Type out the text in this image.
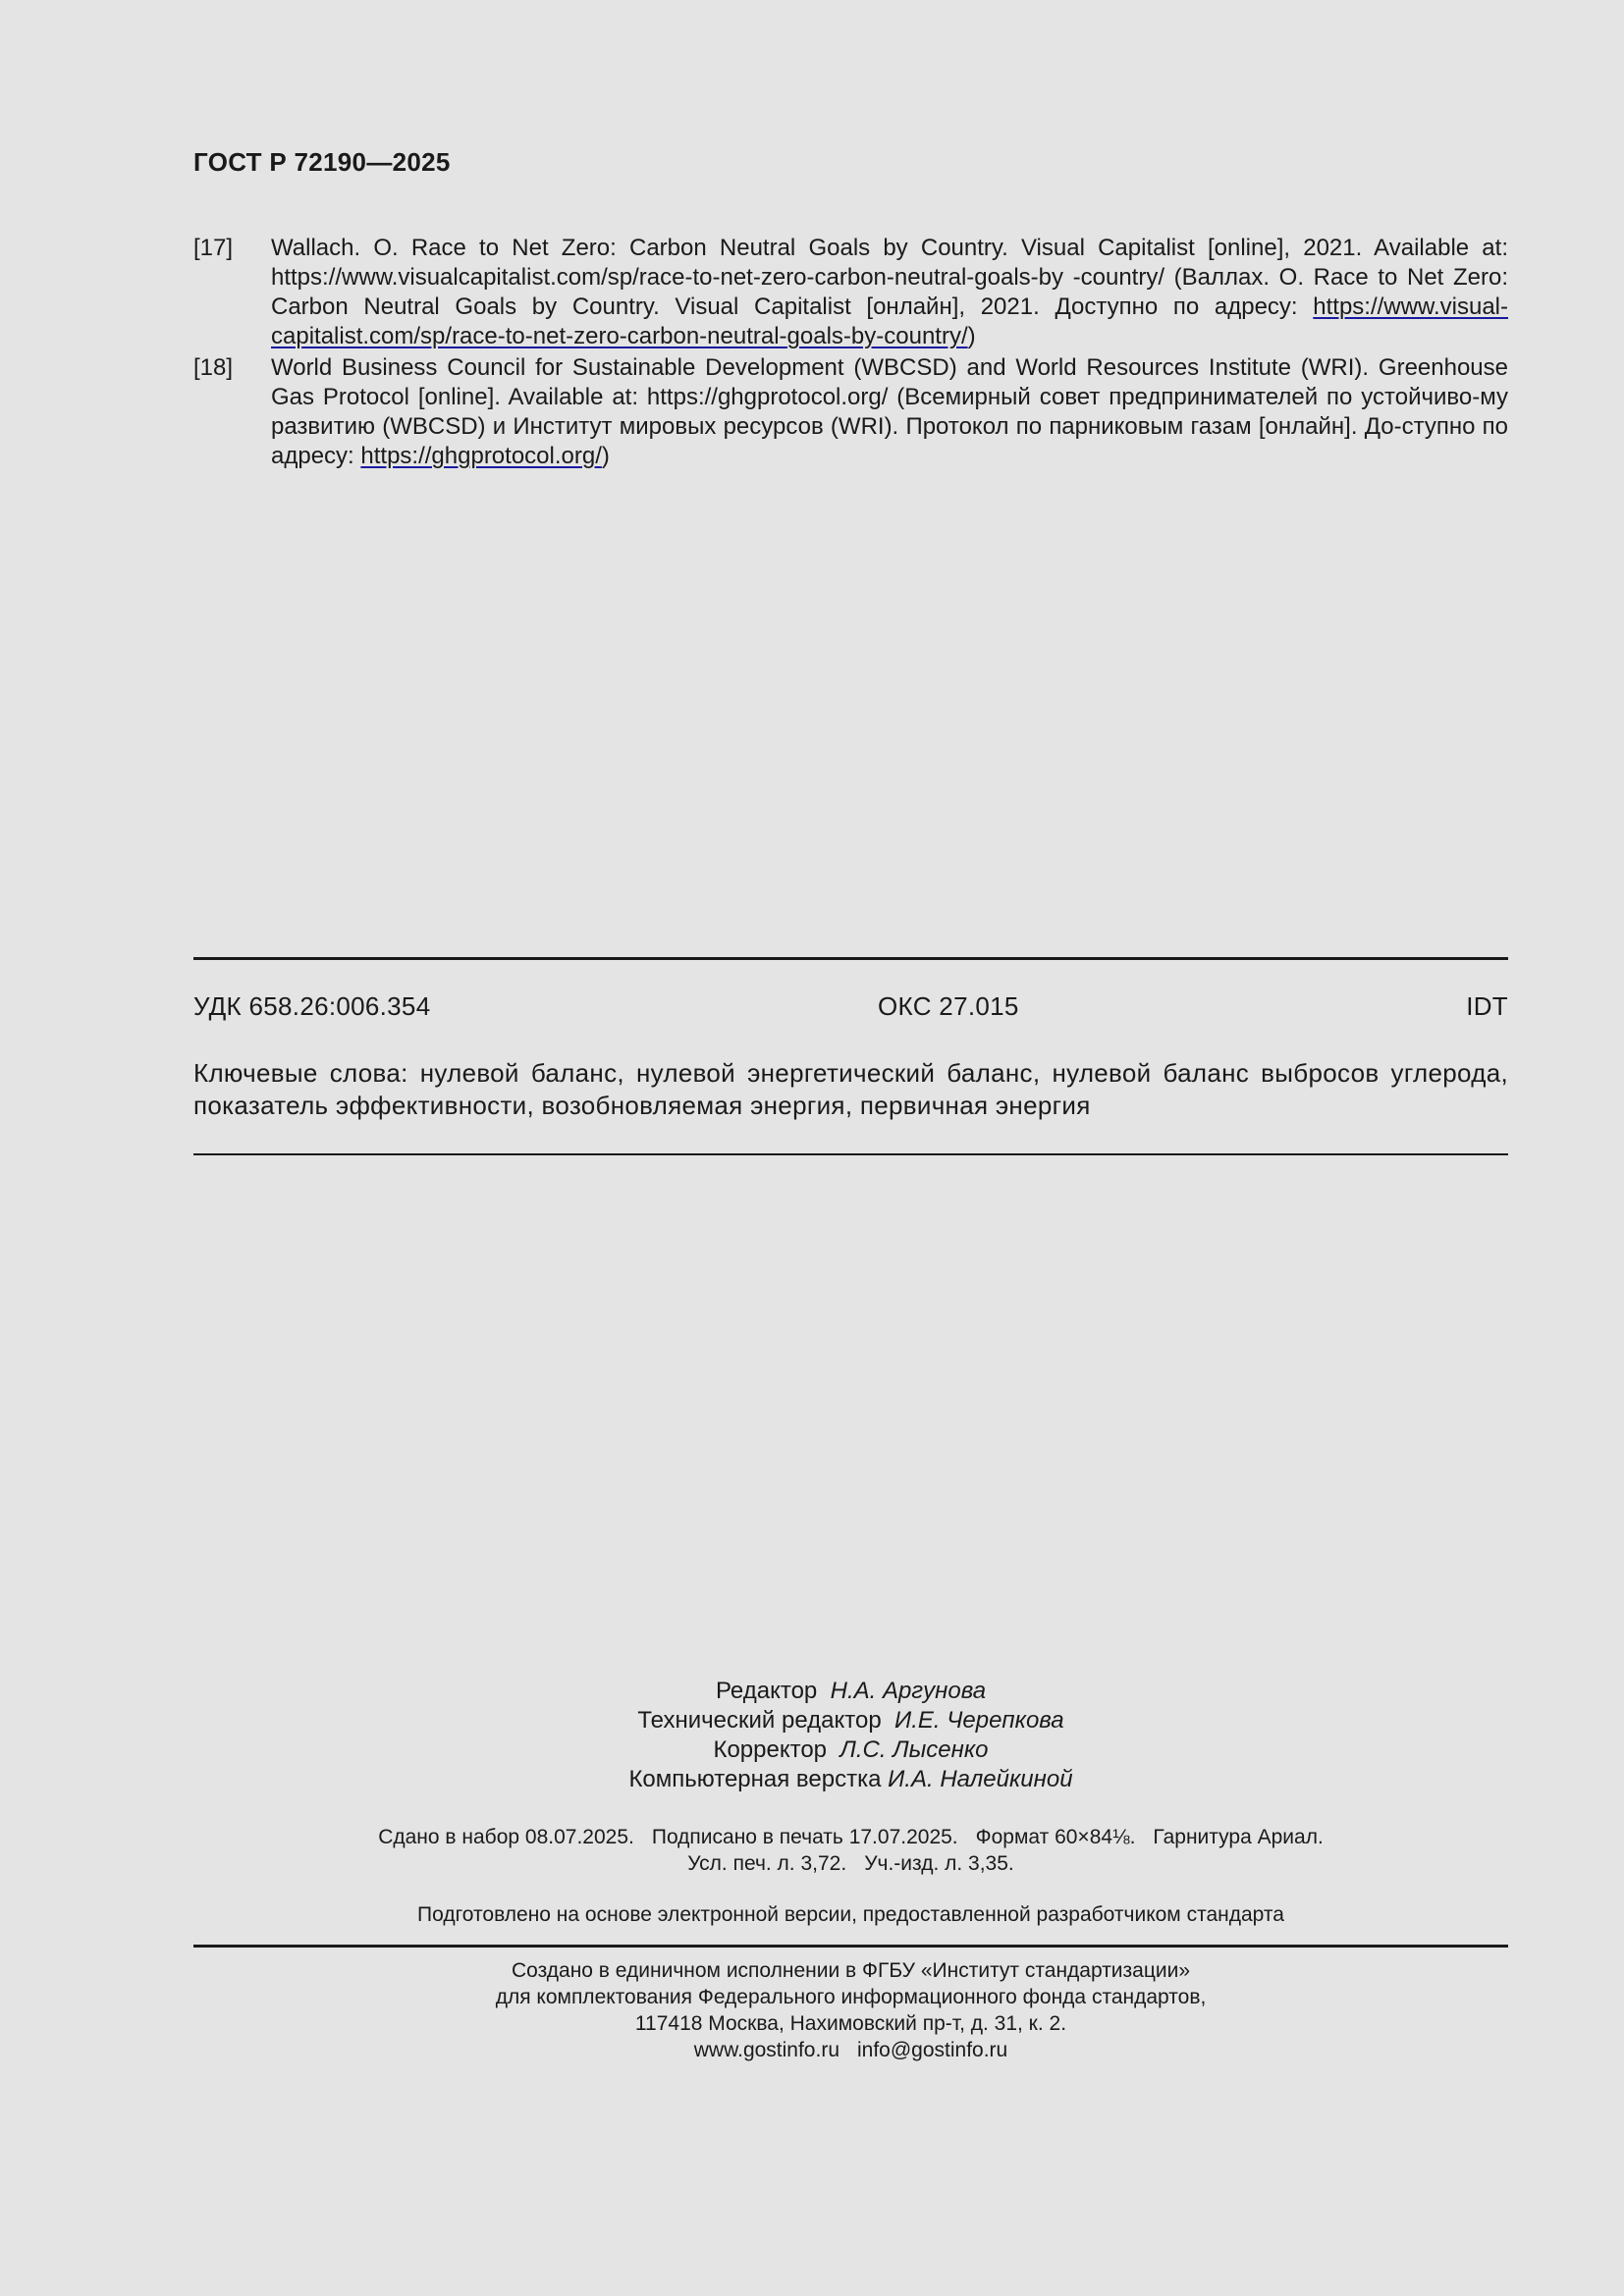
ГОСТ Р 72190—2025
[17]	Wallach. O. Race to Net Zero: Carbon Neutral Goals by Country. Visual Capitalist [online], 2021. Available at: https://www.visualcapitalist.com/sp/race-to-net-zero-carbon-neutral-goals-by -country/ (Валлах. О. Race to Net Zero: Carbon Neutral Goals by Country. Visual Capitalist [онлайн], 2021. Доступно по адресу: https://www.visual-capitalist.com/sp/race-to-net-zero-carbon-neutral-goals-by-country/)
[18]	World Business Council for Sustainable Development (WBCSD) and World Resources Institute (WRI). Greenhouse Gas Protocol [online]. Available at: https://ghgprotocol.org/ (Всемирный совет предпринимателей по устойчиво-му развитию (WBCSD) и Институт мировых ресурсов (WRI). Протокол по парниковым газам [онлайн]. До-ступно по адресу: https://ghgprotocol.org/)
УДК 658.26:006.354	ОКС 27.015	IDT
Ключевые слова: нулевой баланс, нулевой энергетический баланс, нулевой баланс выбросов углерода, показатель эффективности, возобновляемая энергия, первичная энергия
Редактор Н.А. Аргунова
Технический редактор И.Е. Черепкова
Корректор Л.С. Лысенко
Компьютерная верстка И.А. Налейкиной
Сдано в набор 08.07.2025. Подписано в печать 17.07.2025. Формат 60×84⅛. Гарнитура Ариал.
Усл. печ. л. 3,72. Уч.-изд. л. 3,35.
Подготовлено на основе электронной версии, предоставленной разработчиком стандарта
Создано в единичном исполнении в ФГБУ «Институт стандартизации»
для комплектования Федерального информационного фонда стандартов,
117418 Москва, Нахимовский пр-т, д. 31, к. 2.
www.gostinfo.ru info@gostinfo.ru
